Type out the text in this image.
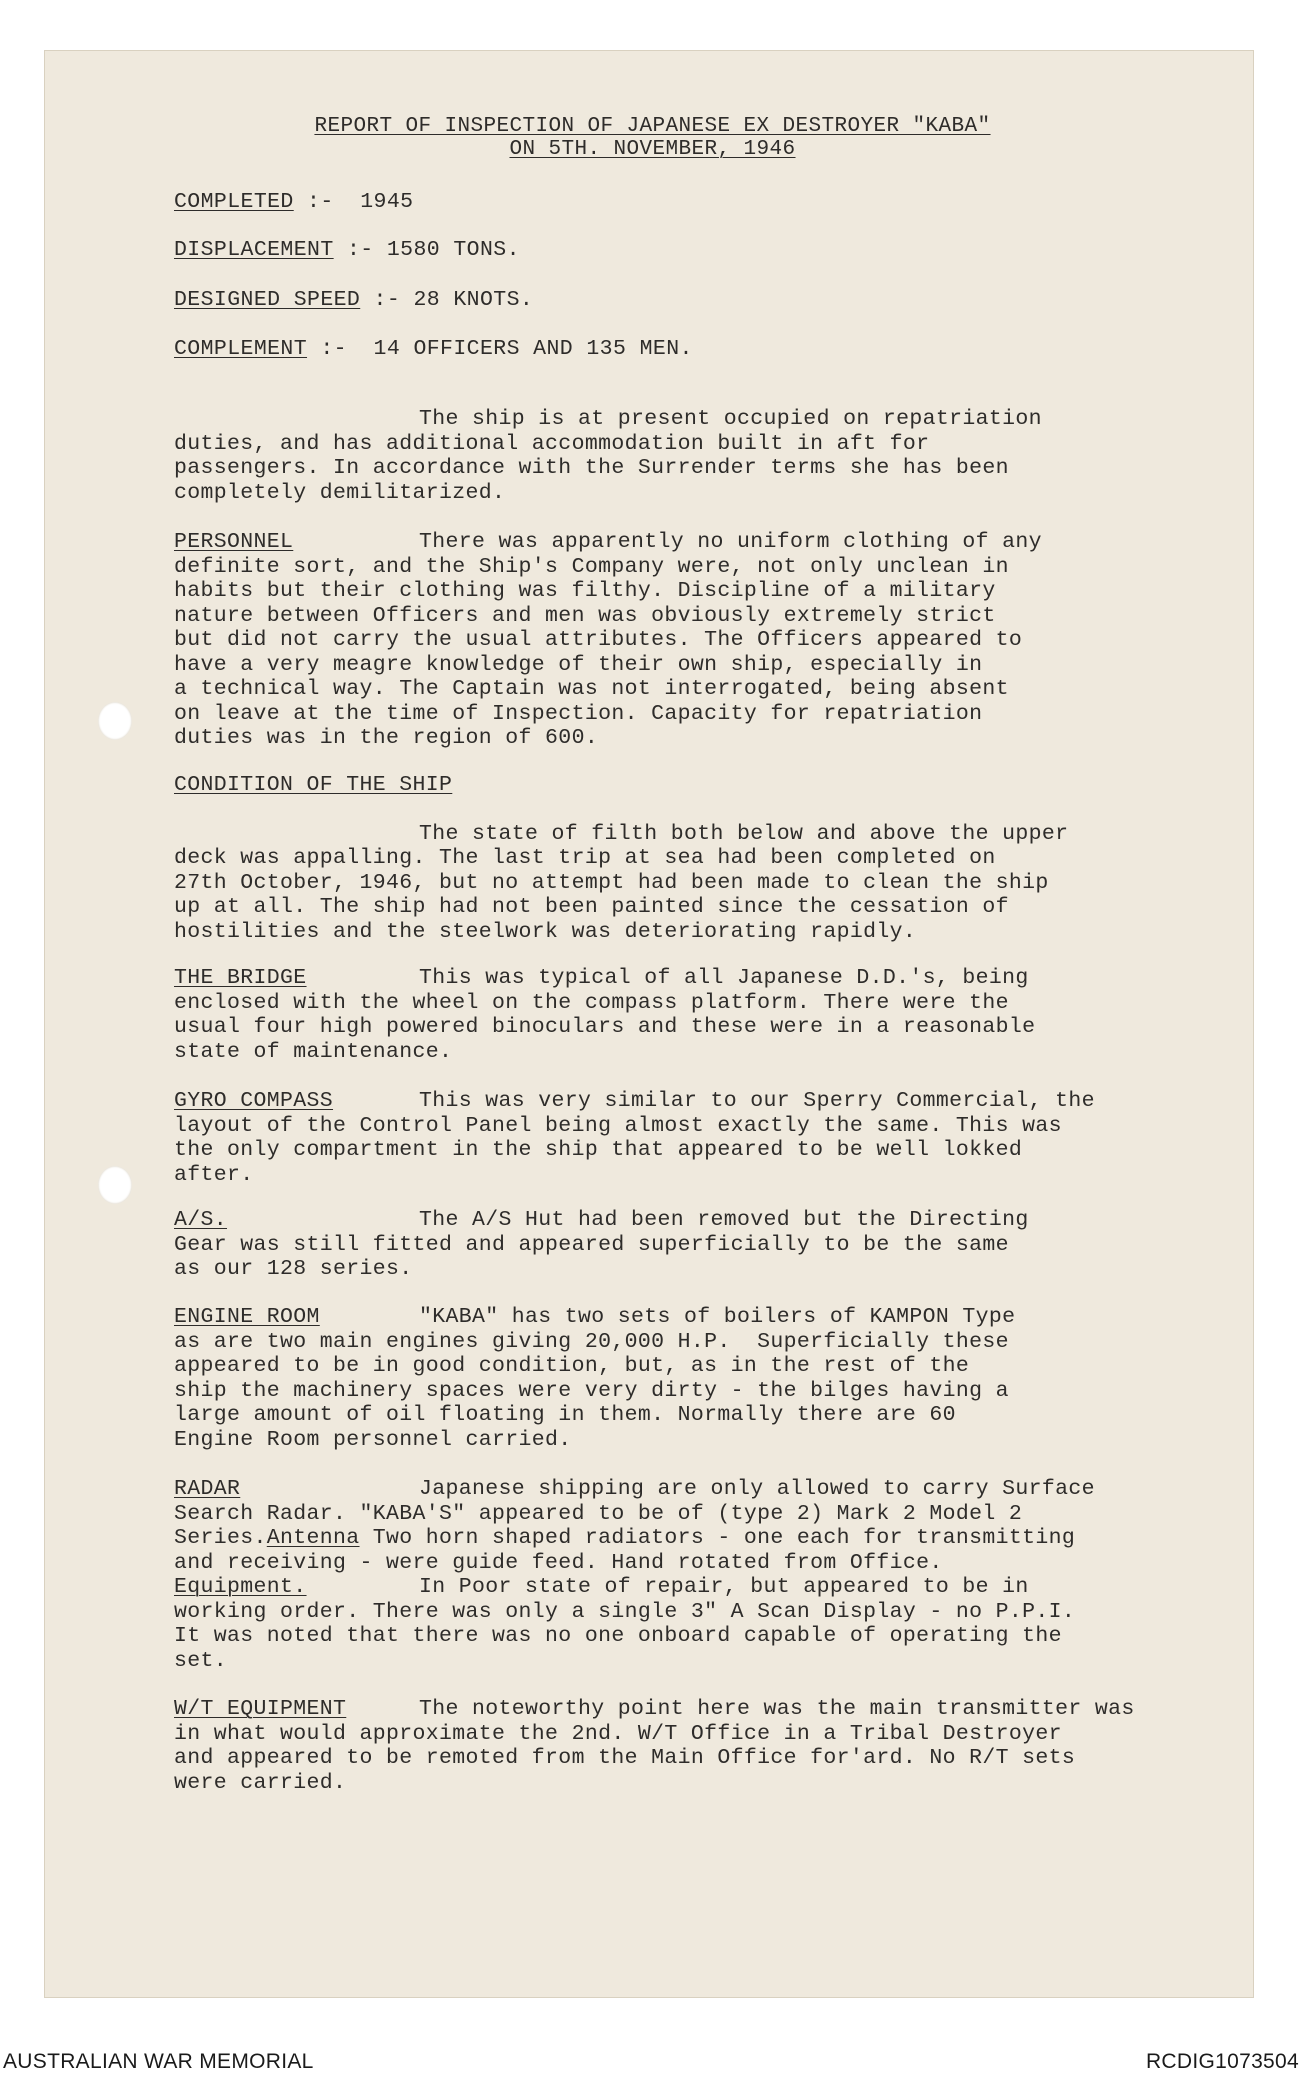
REPORT OF INSPECTION OF JAPANESE EX DESTROYER "KABA"
ON 5TH. NOVEMBER, 1946
COMPLETED :-  1945
DISPLACEMENT :- 1580 TONS.
DESIGNED SPEED :- 28 KNOTS.
COMPLEMENT :-  14 OFFICERS AND 135 MEN.
The ship is at present occupied on repatriation
duties, and has additional accommodation built in aft for
passengers. In accordance with the Surrender terms she has been
completely demilitarized.
PERSONNEL	There was apparently no uniform clothing of any
definite sort, and the Ship's Company were, not only unclean in
habits but their clothing was filthy. Discipline of a military
nature between Officers and men was obviously extremely strict
but did not carry the usual attributes. The Officers appeared to
have a very meagre knowledge of their own ship, especially in
a technical way. The Captain was not interrogated, being absent
on leave at the time of Inspection. Capacity for repatriation
duties was in the region of 600.
CONDITION OF THE SHIP
The state of filth both below and above the upper
deck was appalling. The last trip at sea had been completed on
27th October, 1946, but no attempt had been made to clean the ship
up at all. The ship had not been painted since the cessation of
hostilities and the steelwork was deteriorating rapidly.
THE BRIDGE	This was typical of all Japanese D.D.'s, being
enclosed with the wheel on the compass platform. There were the
usual four high powered binoculars and these were in a reasonable
state of maintenance.
GYRO COMPASS	This was very similar to our Sperry Commercial, the
layout of the Control Panel being almost exactly the same. This was
the only compartment in the ship that appeared to be well lokked
after.
A/S.	The A/S Hut had been removed but the Directing
Gear was still fitted and appeared superficially to be the same
as our 128 series.
ENGINE ROOM	"KABA" has two sets of boilers of KAMPON Type
as are two main engines giving 20,000 H.P.  Superficially these
appeared to be in good condition, but, as in the rest of the
ship the machinery spaces were very dirty - the bilges having a
large amount of oil floating in them. Normally there are 60
Engine Room personnel carried.
RADAR	Japanese shipping are only allowed to carry Surface
Search Radar. "KABA'S" appeared to be of (type 2) Mark 2 Model 2
Series.Antenna Two horn shaped radiators - one each for transmitting
and receiving - were guide feed. Hand rotated from Office.
Equipment.	In Poor state of repair, but appeared to be in
working order. There was only a single 3" A Scan Display - no P.P.I.
It was noted that there was no one onboard capable of operating the
set.
W/T EQUIPMENT	The noteworthy point here was the main transmitter was
in what would approximate the 2nd. W/T Office in a Tribal Destroyer
and appeared to be remoted from the Main Office for'ard. No R/T sets
were carried.
AUSTRALIAN WAR MEMORIAL	RCDIG1073504
